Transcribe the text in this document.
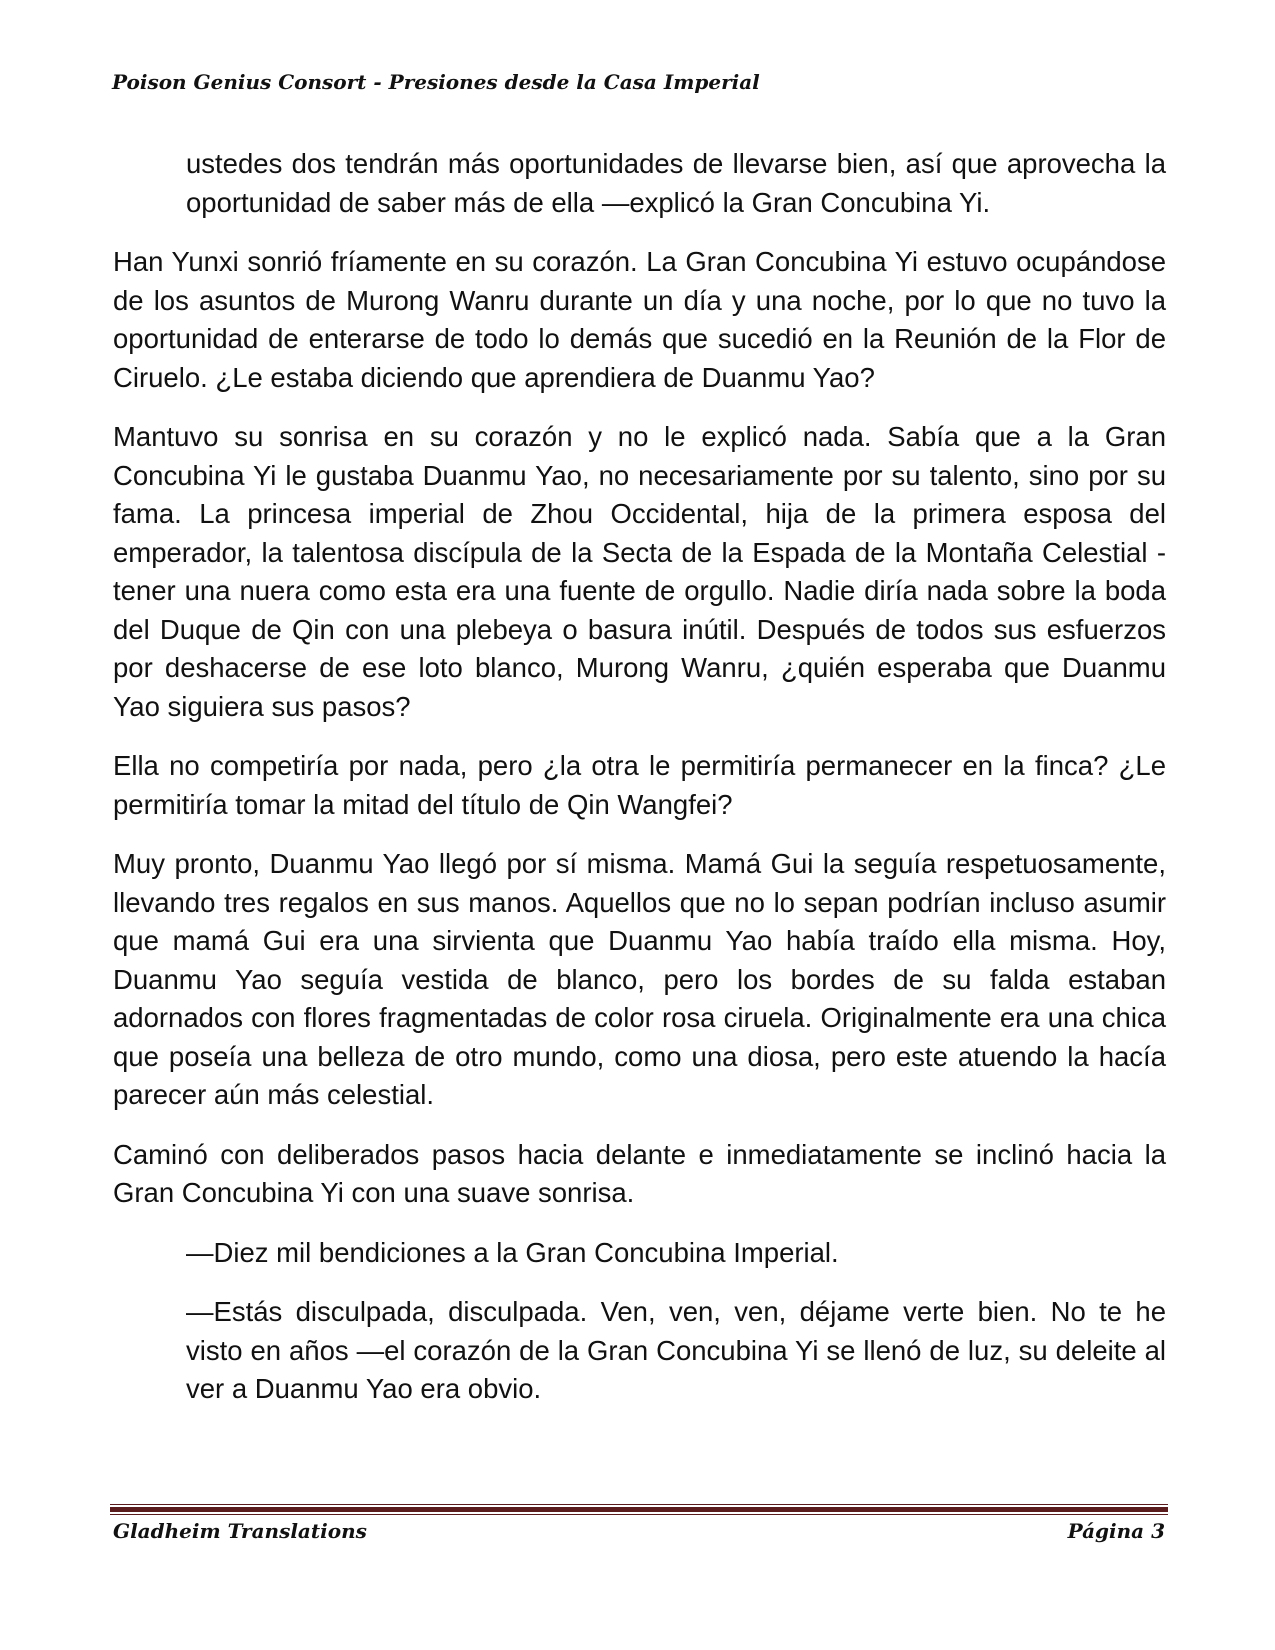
Poison Genius Consort - Presiones desde la Casa Imperial

ustedes dos tendrán más oportunidades de llevarse bien, así que aprovecha la oportunidad de saber más de ella —explicó la Gran Concubina Yi.

Han Yunxi sonrió fríamente en su corazón. La Gran Concubina Yi estuvo ocupándose de los asuntos de Murong Wanru durante un día y una noche, por lo que no tuvo la oportunidad de enterarse de todo lo demás que sucedió en la Reunión de la Flor de Ciruelo. ¿Le estaba diciendo que aprendiera de Duanmu Yao?

Mantuvo su sonrisa en su corazón y no le explicó nada. Sabía que a la Gran Concubina Yi le gustaba Duanmu Yao, no necesariamente por su talento, sino por su fama. La princesa imperial de Zhou Occidental, hija de la primera esposa del emperador, la talentosa discípula de la Secta de la Espada de la Montaña Celestial - tener una nuera como esta era una fuente de orgullo. Nadie diría nada sobre la boda del Duque de Qin con una plebeya o basura inútil. Después de todos sus esfuerzos por deshacerse de ese loto blanco, Murong Wanru, ¿quién esperaba que Duanmu Yao siguiera sus pasos?

Ella no competiría por nada, pero ¿la otra le permitiría permanecer en la finca? ¿Le permitiría tomar la mitad del título de Qin Wangfei?

Muy pronto, Duanmu Yao llegó por sí misma. Mamá Gui la seguía respetuosamente, llevando tres regalos en sus manos. Aquellos que no lo sepan podrían incluso asumir que mamá Gui era una sirvienta que Duanmu Yao había traído ella misma. Hoy, Duanmu Yao seguía vestida de blanco, pero los bordes de su falda estaban adornados con flores fragmentadas de color rosa ciruela. Originalmente era una chica que poseía una belleza de otro mundo, como una diosa, pero este atuendo la hacía parecer aún más celestial.

Caminó con deliberados pasos hacia delante e inmediatamente se inclinó hacia la Gran Concubina Yi con una suave sonrisa.

—Diez mil bendiciones a la Gran Concubina Imperial.

—Estás disculpada, disculpada. Ven, ven, ven, déjame verte bien. No te he visto en años —el corazón de la Gran Concubina Yi se llenó de luz, su deleite al ver a Duanmu Yao era obvio.

Gladheim Translations	Página 3
